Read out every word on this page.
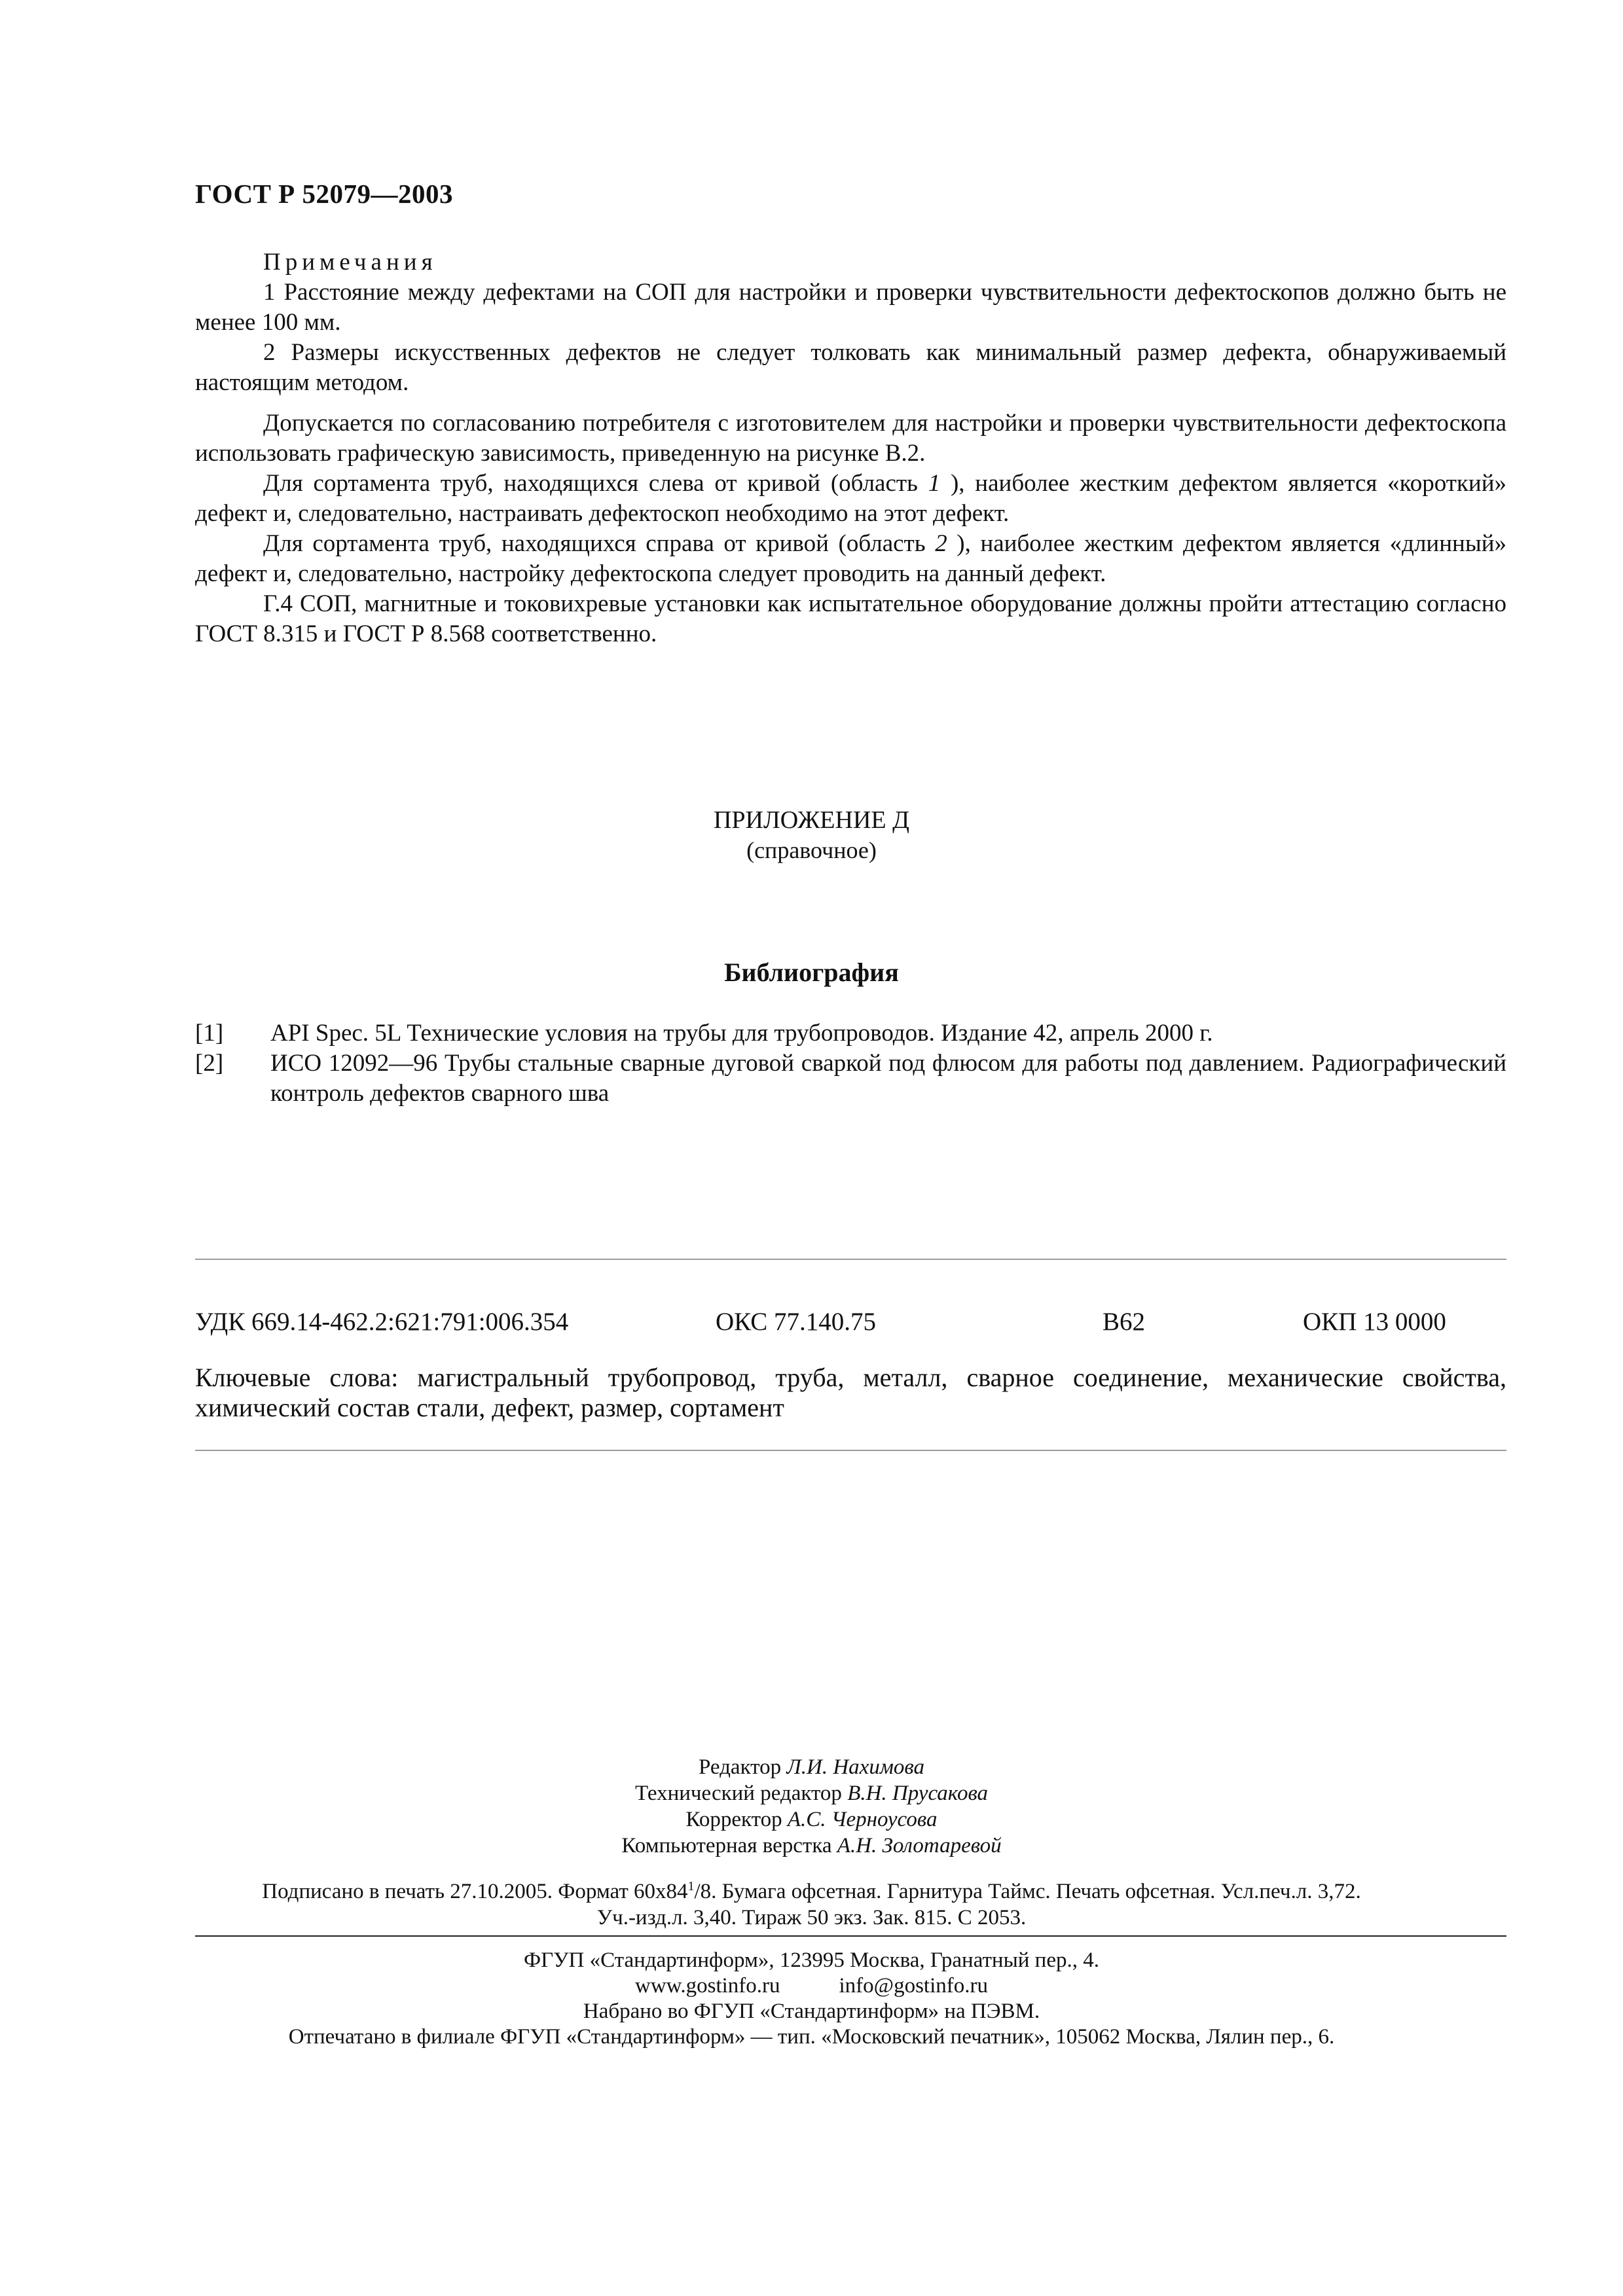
ГОСТ Р 52079—2003

Примечания

1 Расстояние между дефектами на СОП для настройки и проверки чувствительности дефектоскопов должно быть не менее 100 мм.

2 Размеры искусственных дефектов не следует толковать как минимальный размер дефекта, обнаруживаемый настоящим методом.

Допускается по согласованию потребителя с изготовителем для настройки и проверки чувствительности дефектоскопа использовать графическую зависимость, приведенную на рисунке В.2.

Для сортамента труб, находящихся слева от кривой (область 1 ), наиболее жестким дефектом является «короткий» дефект и, следовательно, настраивать дефектоскоп необходимо на этот дефект.

Для сортамента труб, находящихся справа от кривой (область 2 ), наиболее жестким дефектом является «длинный» дефект и, следовательно, настройку дефектоскопа следует проводить на данный дефект.

Г.4 СОП, магнитные и токовихревые установки как испытательное оборудование должны пройти аттестацию согласно ГОСТ 8.315 и ГОСТ Р 8.568 соответственно.

ПРИЛОЖЕНИЕ Д
(справочное)
Библиография
[1]	API Spec. 5L Технические условия на трубы для трубопроводов. Издание 42, апрель 2000 г.
[2]	ИСО 12092—96 Трубы стальные сварные дуговой сваркой под флюсом для работы под давлением. Радиографический контроль дефектов сварного шва
УДК 669.14-462.2:621:791:006.354	ОКС 77.140.75	В62	ОКП 13 0000
Ключевые слова: магистральный трубопровод, труба, металл, сварное соединение, механические свойства, химический состав стали, дефект, размер, сортамент
Редактор Л.И. Нахимова
Технический редактор В.Н. Прусакова
Корректор А.С. Черноусова
Компьютерная верстка А.Н. Золотаревой
Подписано в печать 27.10.2005. Формат $60х84^1/8$. Бумага офсетная. Гарнитура Таймс. Печать офсетная. Усл.печ.л. 3,72.
Уч.-изд.л. 3,40. Тираж 50 экз. Зак. 815. С 2053.
ФГУП «Стандартинформ», 123995 Москва, Гранатный пер., 4.
www.gostinfo.ru	info@gostinfo.ru
Набрано во ФГУП «Стандартинформ» на ПЭВМ.
Отпечатано в филиале ФГУП «Стандартинформ» — тип. «Московский печатник», 105062 Москва, Лялин пер., 6.
